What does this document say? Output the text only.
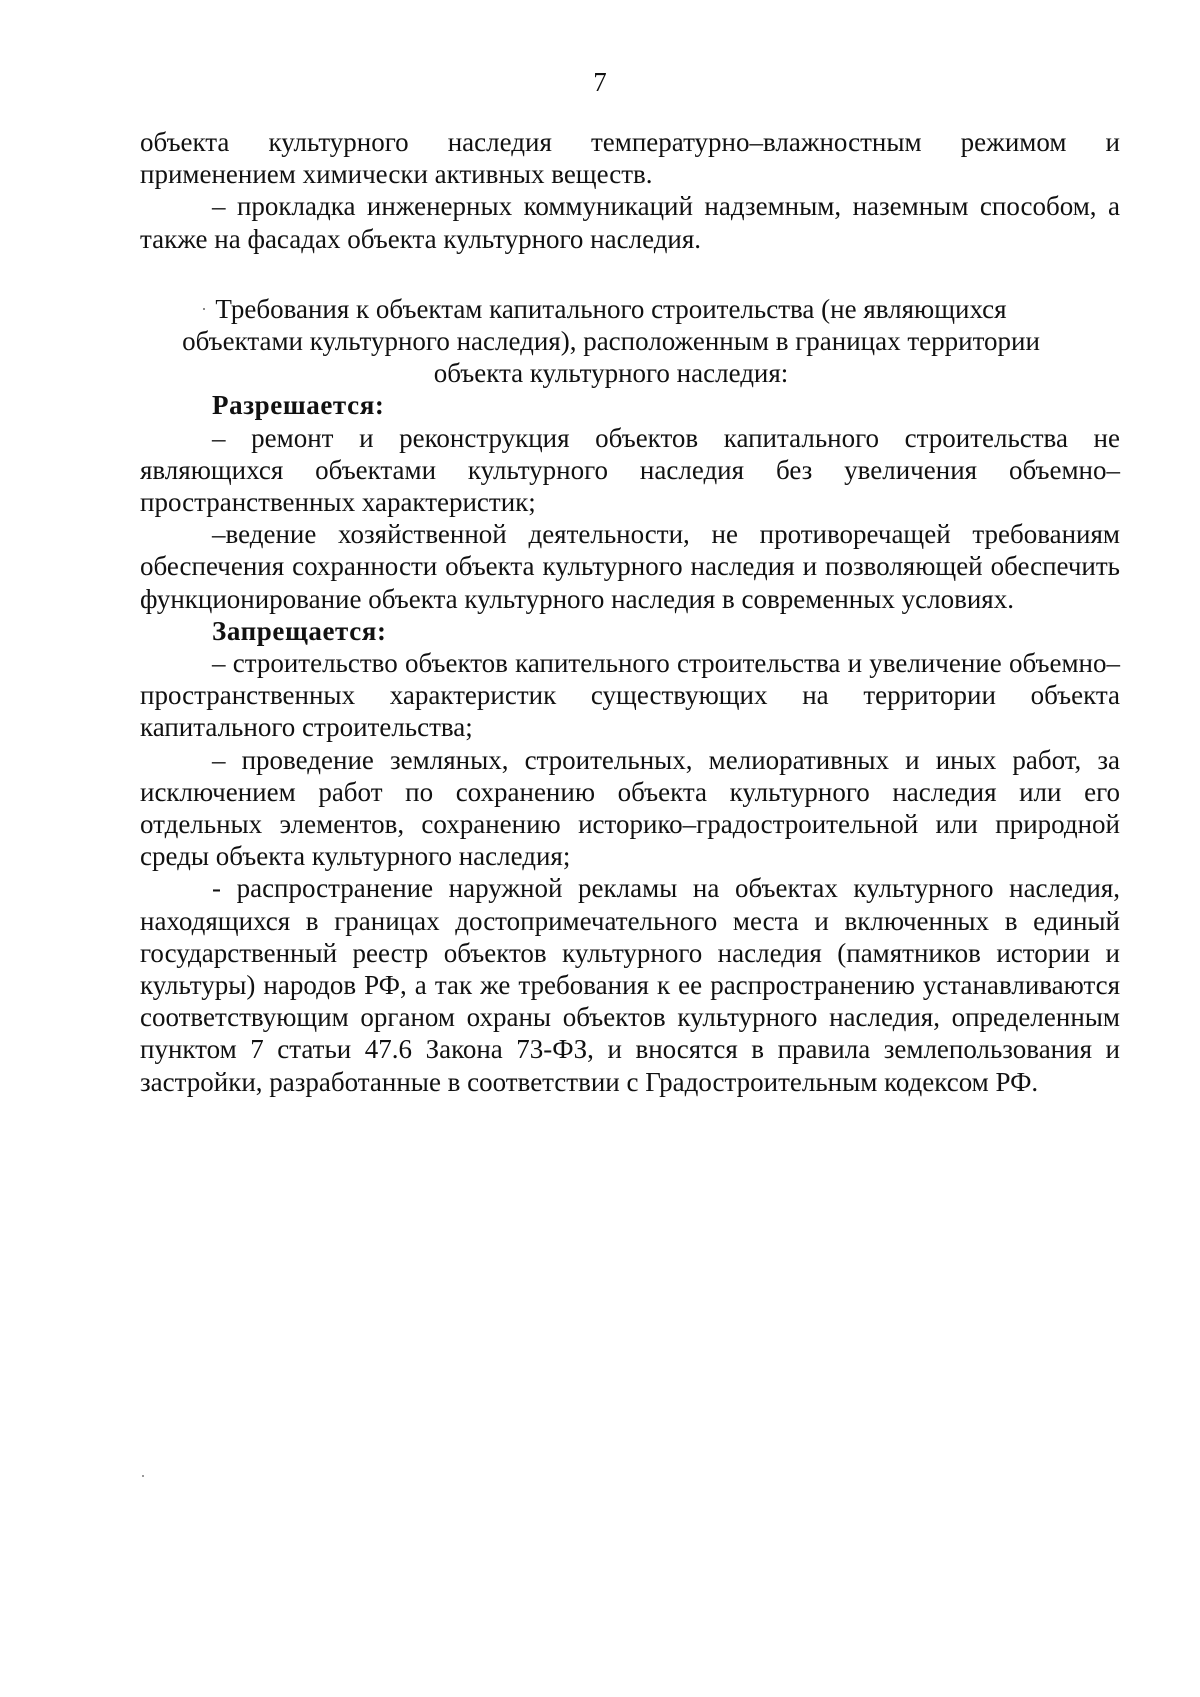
7

объекта культурного наследия температурно–влажностным режимом и применением химически активных веществ.

– прокладка инженерных коммуникаций надземным, наземным способом, а также на фасадах объекта культурного наследия.

Требования к объектам капитального строительства (не являющихся объектами культурного наследия), расположенным в границах территории объекта культурного наследия:

Разрешается:

– ремонт и реконструкция объектов капитального строительства не являющихся объектами культурного наследия без увеличения объемно–пространственных характеристик;

–ведение хозяйственной деятельности, не противоречащей требованиям обеспечения сохранности объекта культурного наследия и позволяющей обеспечить функционирование объекта культурного наследия в современных условиях.

Запрещается:

– строительство объектов капительного строительства и увеличение объемно–пространственных характеристик существующих на территории объекта капитального строительства;

– проведение земляных, строительных, мелиоративных и иных работ, за исключением работ по сохранению объекта культурного наследия или его отдельных элементов, сохранению историко–градостроительной или природной среды объекта культурного наследия;

- распространение наружной рекламы на объектах культурного наследия, находящихся в границах достопримечательного места и включенных в единый государственный реестр объектов культурного наследия (памятников истории и культуры) народов РФ, а так же требования к ее распространению устанавливаются соответствующим органом охраны объектов культурного наследия, определенным пунктом 7 статьи 47.6 Закона 73-ФЗ, и вносятся в правила землепользования и застройки, разработанные в соответствии с Градостроительным кодексом РФ.
